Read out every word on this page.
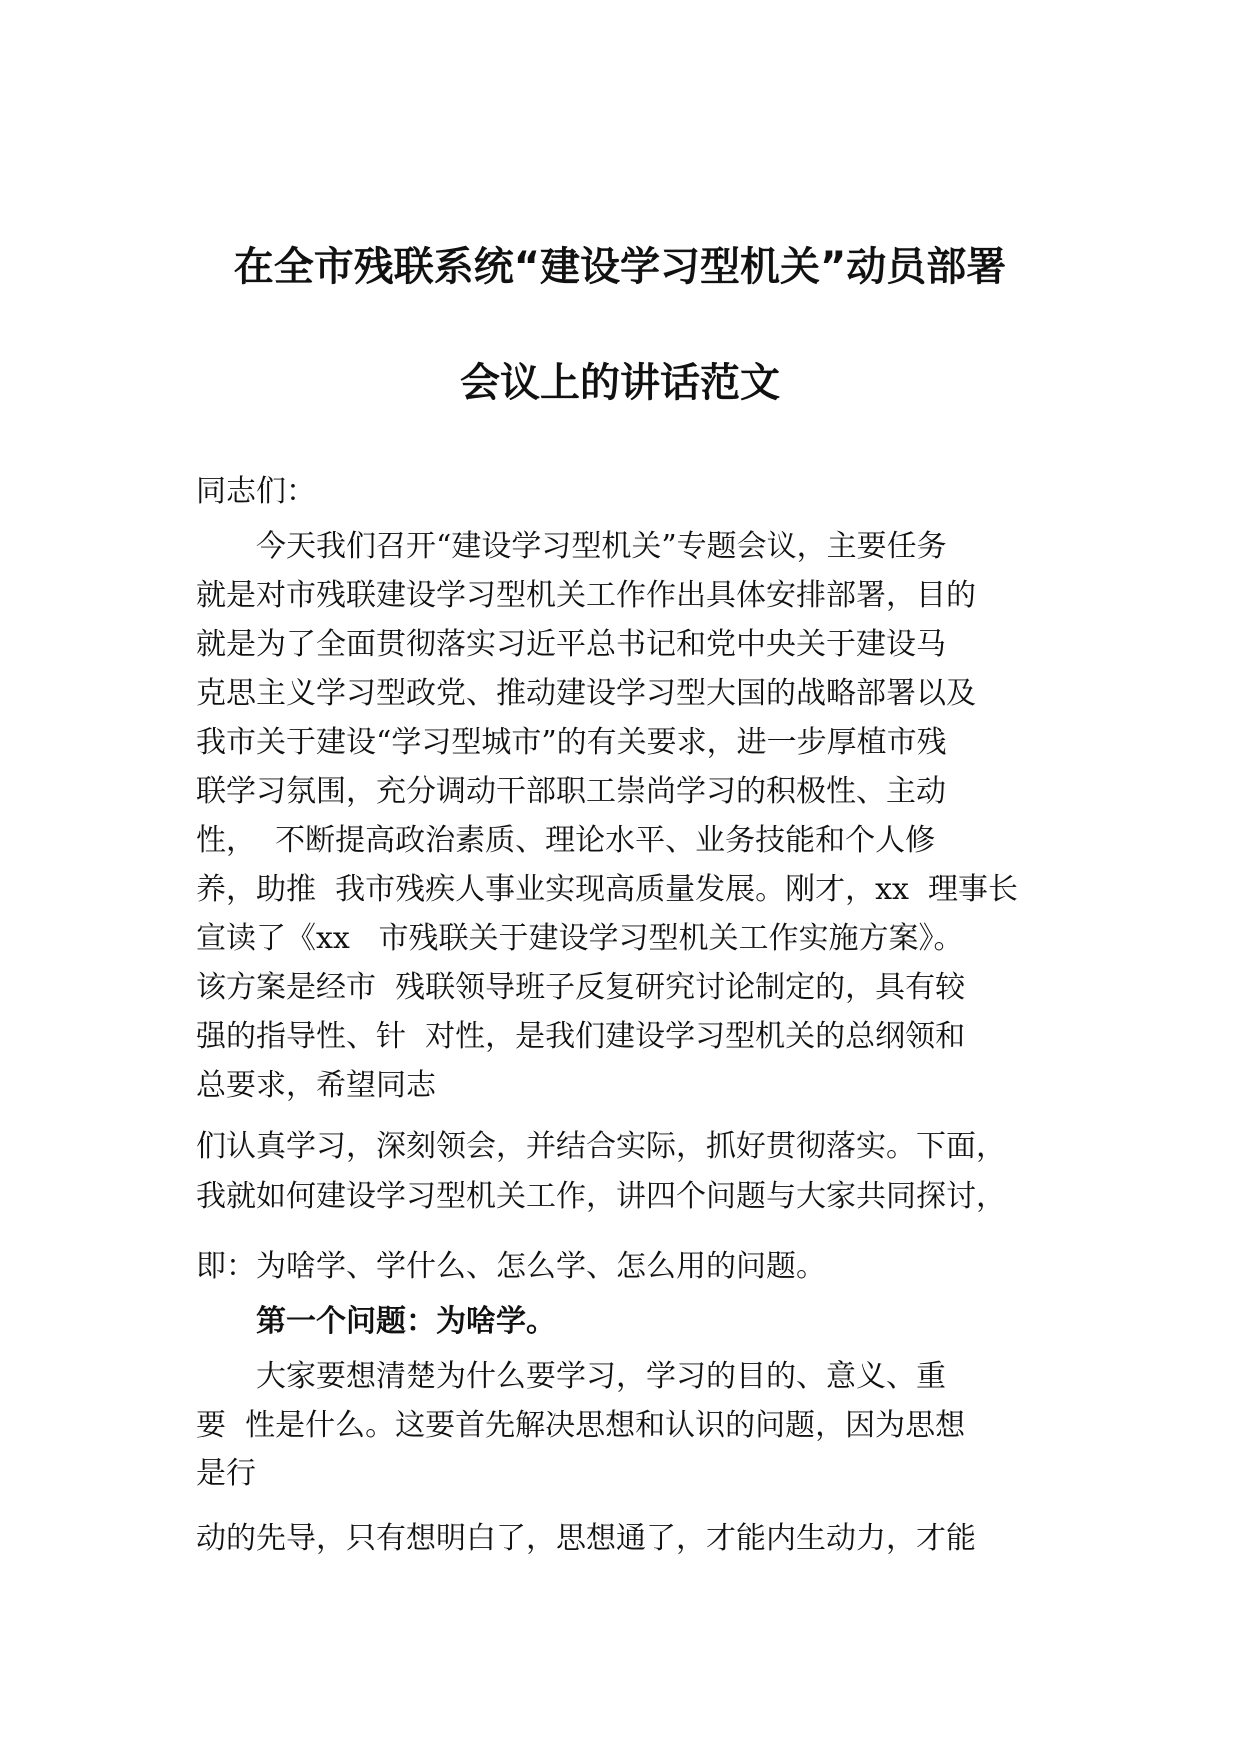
在全市残联系统“建设学习型机关”动员部署
会议上的讲话范文

同志们：

今天我们召开“建设学习型机关”专题会议，主要任务

就是对市残联建设学习型机关工作作出具体安排部署，目的

就是为了全面贯彻落实习近平总书记和党中央关于建设马

克思主义学习型政党、推动建设学习型大国的战略部署以及

我市关于建设“学习型城市”的有关要求，进一步厚植市残

联学习氛围，充分调动干部职工崇尚学习的积极性、主动

性，  不断提高政治素质、理论水平、业务技能和个人修

养，助推  我市残疾人事业实现高质量发展。刚才，xx  理事长

宣读了《xx   市残联关于建设学习型机关工作实施方案》。

该方案是经市  残联领导班子反复研究讨论制定的，具有较

强的指导性、针  对性，是我们建设学习型机关的总纲领和

总要求，希望同志

们认真学习，深刻领会，并结合实际，抓好贯彻落实。下面，

我就如何建设学习型机关工作，讲四个问题与大家共同探讨，

即：为啥学、学什么、怎么学、怎么用的问题。

第一个问题：为啥学。

大家要想清楚为什么要学习，学习的目的、意义、重

要  性是什么。这要首先解决思想和认识的问题，因为思想

是行

动的先导，只有想明白了，思想通了，才能内生动力，才能
